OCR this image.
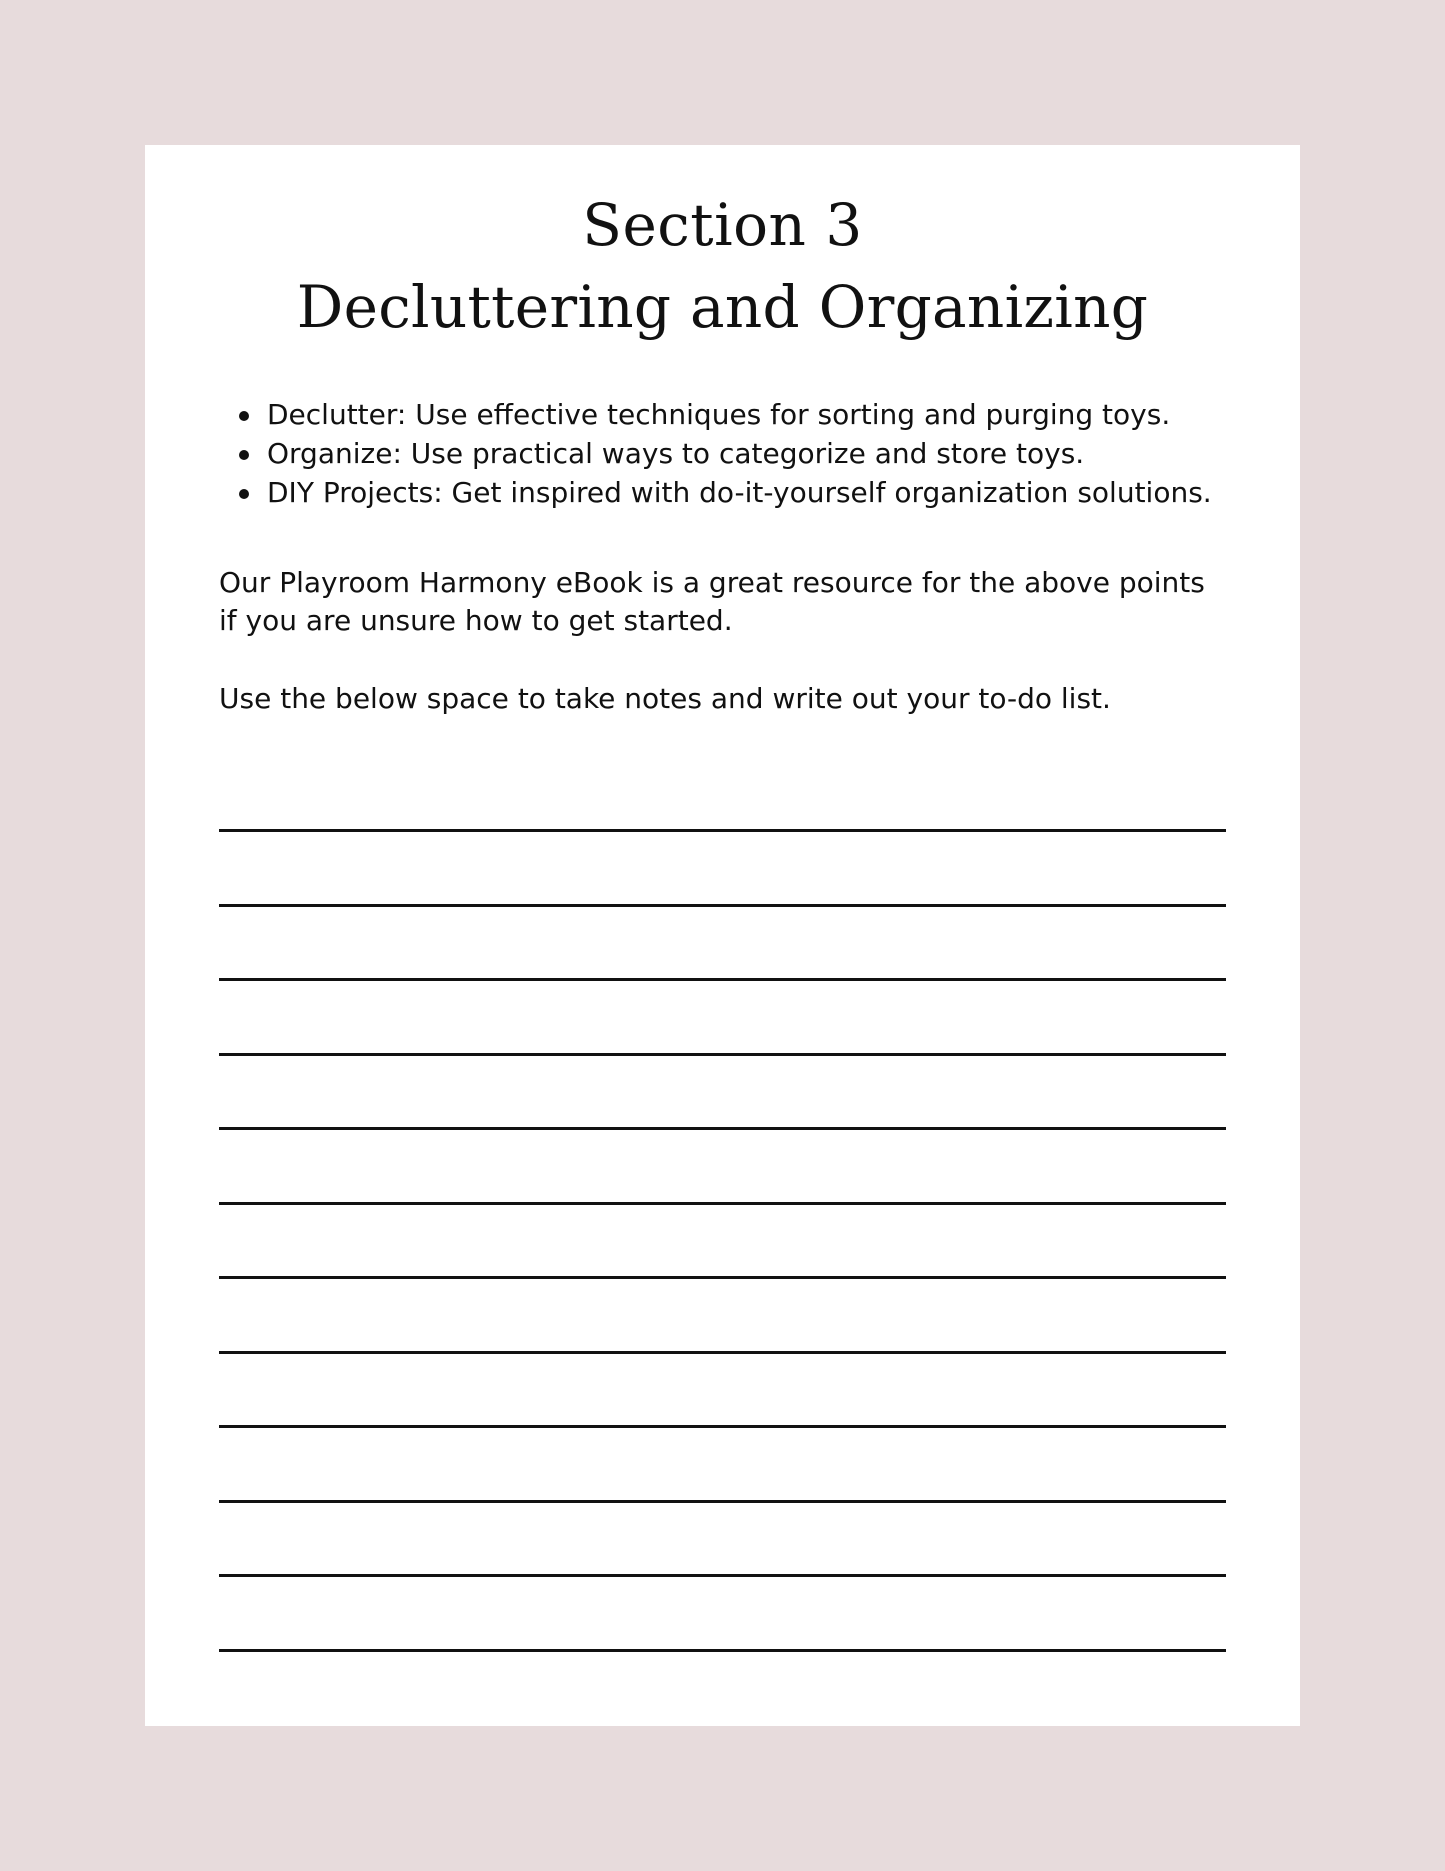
Section 3
Decluttering and Organizing
Declutter: Use effective techniques for sorting and purging toys.
Organize: Use practical ways to categorize and store toys.
DIY Projects: Get inspired with do-it-yourself organization solutions.

Our Playroom Harmony eBook is a great resource for the above points if you are unsure how to get started.

Use the below space to take notes and write out your to-do list.
